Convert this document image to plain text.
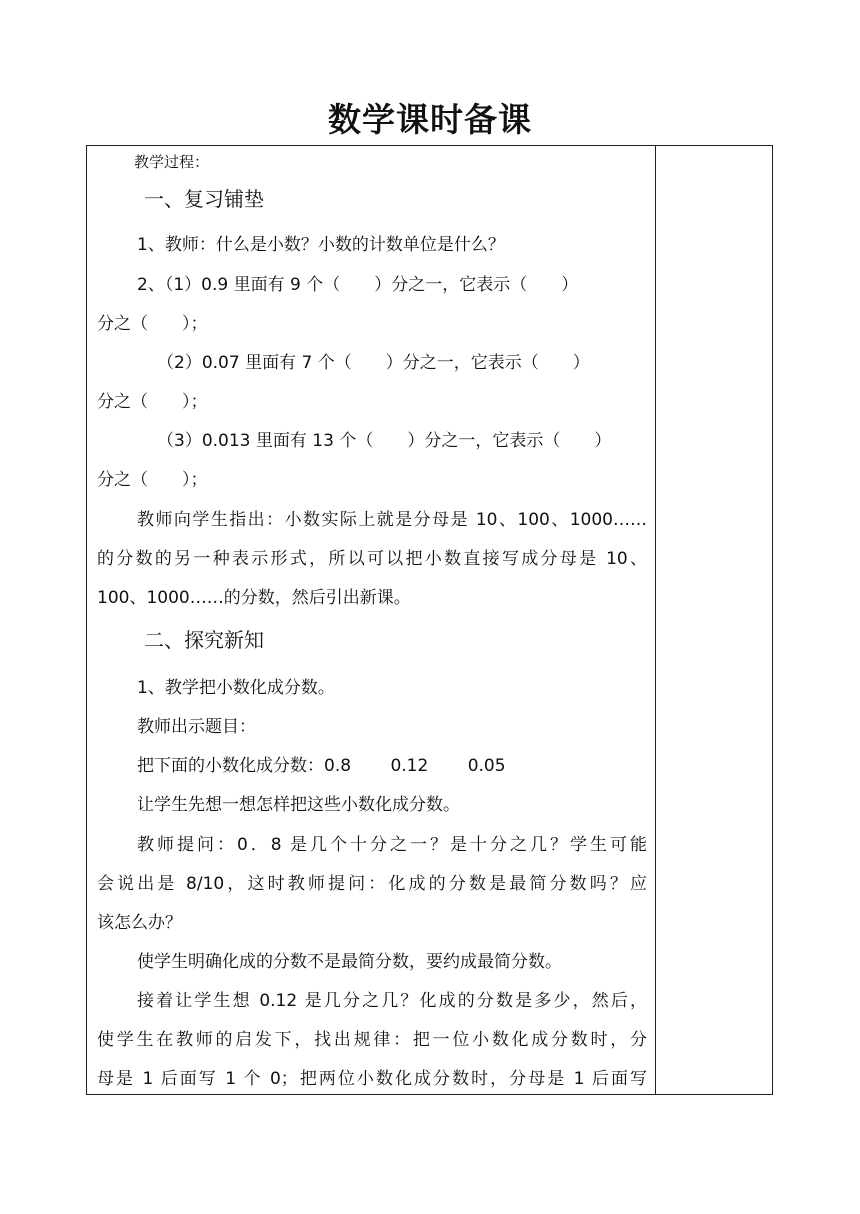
数学课时备课
教学过程：
一、复习铺垫
1、教师：什么是小数？小数的计数单位是什么？
2、（1）0.9 里面有 9 个（　　）分之一，它表示（　　）
分之（　　）；
（2）0.07 里面有 7 个（　　）分之一，它表示（　　）
分之（　　）；
（3）0.013 里面有 13 个（　　）分之一，它表示（　　）
分之（　　）；
教师向学生指出：小数实际上就是分母是 10、100、1000……
的分数的另一种表示形式，所以可以把小数直接写成分母是 10、
100、1000……的分数，然后引出新课。
二、探究新知
1、教学把小数化成分数。
教师出示题目：
把下面的小数化成分数：0.8　　 0.12　　 0.05
让学生先想一想怎样把这些小数化成分数。
教师提问：0．8 是几个十分之一？是十分之几？学生可能
会说出是 8/10，这时教师提问：化成的分数是最简分数吗？应
该怎么办？
使学生明确化成的分数不是最简分数，要约成最简分数。
接着让学生想 0.12 是几分之几？化成的分数是多少，然后，
使学生在教师的启发下，找出规律：把一位小数化成分数时，分
母是 1 后面写 1 个 0；把两位小数化成分数时，分母是 1 后面写
